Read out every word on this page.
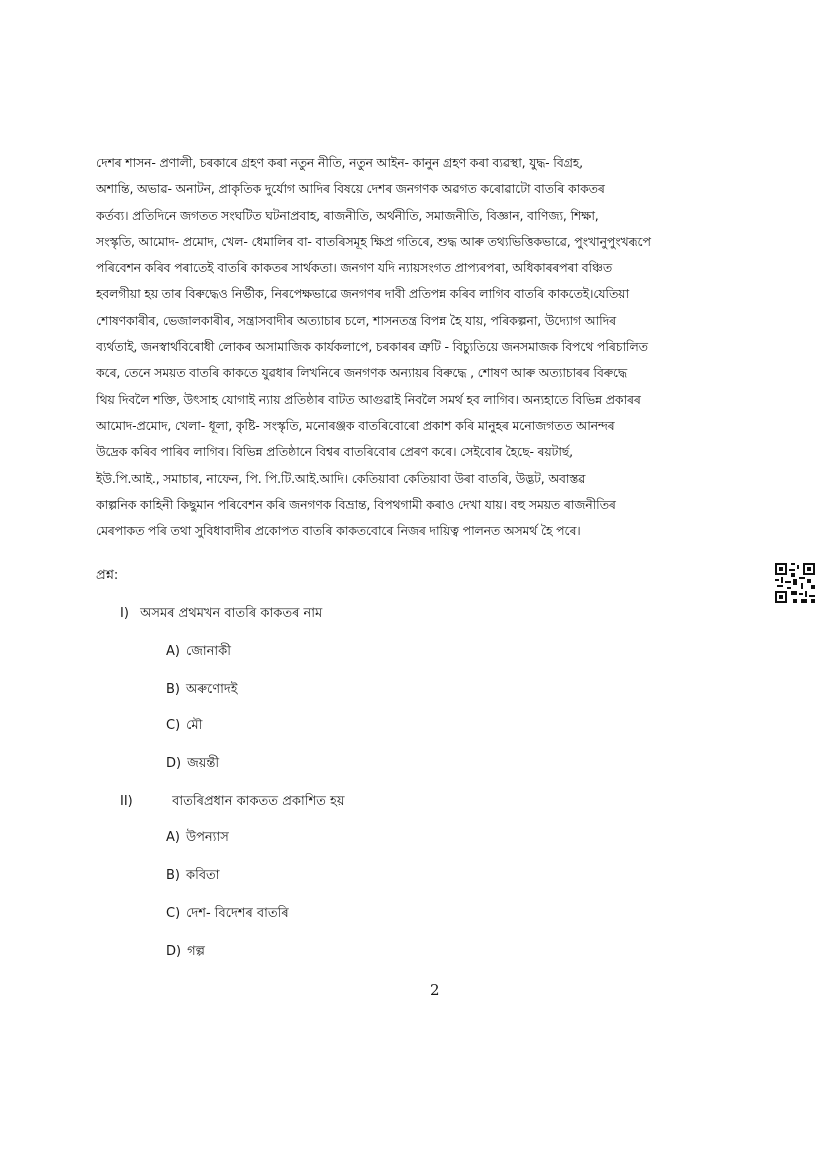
দেশৰ শাসন- প্ৰণালী, চৰকাৰে গ্ৰহণ কৰা নতুন নীতি, নতুন আইন- কানুন গ্ৰহণ কৰা ব্যৱস্থা, যুদ্ধ- বিগ্ৰহ,
অশান্তি, অভাৱ- অনাটন, প্ৰাকৃতিক দুৰ্যোগ আদিৰ বিষয়ে দেশৰ জনগণক অৱগত কৰোৱাটো বাতৰি কাকতৰ
কৰ্তব্য। প্ৰতিদিনে জগতত সংঘটিত ঘটনাপ্ৰবাহ, ৰাজনীতি, অৰ্থনীতি, সমাজনীতি, বিজ্ঞান, বাণিজ্য, শিক্ষা,
সংস্কৃতি, আমোদ- প্ৰমোদ, খেল- ধেমালিৰ বা- বাতৰিসমূহ ক্ষিপ্ৰ গতিৰে, শুদ্ধ আৰু তথ্যভিত্তিকভাৱে, পুংখানুপুংখৰূপে
পৰিবেশন কৰিব পৰাতেই বাতৰি কাকতৰ সাৰ্থকতা। জনগণ যদি ন্যায়সংগত প্ৰাপ্যৰপৰা, অধিকাৰৰপৰা বঞ্চিত
হবলগীয়া হয় তাৰ বিৰুদ্ধেও নিৰ্ভীক, নিৰপেক্ষভাৱে জনগণৰ দাবী প্ৰতিপন্ন কৰিব লাগিব বাতৰি কাকতেই।যেতিয়া
শোষণকাৰীৰ, ভেজালকাৰীৰ, সন্ত্ৰাসবাদীৰ অত্যাচাৰ চলে, শাসনতন্ত্ৰ বিপন্ন হৈ যায়, পৰিকল্পনা, উদ্যোগ আদিৰ
ব্যৰ্থতাই, জনস্বাৰ্থবিৰোধী লোকৰ অসামাজিক কাৰ্যকলাপে, চৰকাৰৰ ত্ৰুটি - বিচ্যুতিয়ে জনসমাজক বিপথে পৰিচালিত
কৰে, তেনে সময়ত বাতৰি কাকতে যুৱধাৰ লিখনিৰে জনগণক অন্যায়ৰ বিৰুদ্ধে , শোষণ আৰু অত্যাচাৰৰ বিৰুদ্ধে
থিয় দিবলৈ শক্তি, উৎসাহ যোগাই ন্যায় প্ৰতিষ্ঠাৰ বাটত আগুৱাই নিবলৈ সমৰ্থ হব লাগিব। অন্যহাতে বিভিন্ন প্ৰকাৰৰ
আমোদ-প্ৰমোদ, খেলা- ধূলা, কৃষ্টি- সংস্কৃতি, মনোৰঞ্জক বাতৰিবোৰো প্ৰকাশ কৰি মানুহৰ মনোজগতত আনন্দৰ
উদ্ৰেক কৰিব পাৰিব লাগিব। বিভিন্ন প্ৰতিষ্ঠানে বিশ্বৰ বাতৰিবোৰ প্ৰেৰণ কৰে। সেইবোৰ হৈছে- ৰয়টাৰ্ছ,
ইউ.পি.আই., সমাচাৰ, নাফেন, পি. পি.টি.আই.আদি। কেতিয়াবা কেতিয়াবা উৰা বাতৰি, উদ্ভট, অবাস্তৱ
কাল্পনিক কাহিনী কিছুমান পৰিবেশন কৰি জনগণক বিভ্ৰান্ত, বিপথগামী কৰাও দেখা যায়। বহু সময়ত ৰাজনীতিৰ
মেৰপাকত পৰি তথা সুবিধাবাদীৰ প্ৰকোপত বাতৰি কাকতবোৰে নিজৰ দায়িত্ব পালনত অসমৰ্থ হৈ পৰে।
প্ৰশ্ন:
I) অসমৰ প্ৰথমখন বাতৰি কাকতৰ নাম
A) জোনাকী
B) অৰুণোদই
C) মৌ
D) জয়ন্তী
II)	বাতৰিপ্ৰধান কাকতত প্ৰকাশিত হয়
A) উপন্যাস
B) কবিতা
C) দেশ- বিদেশৰ বাতৰি
D) গল্প
2
